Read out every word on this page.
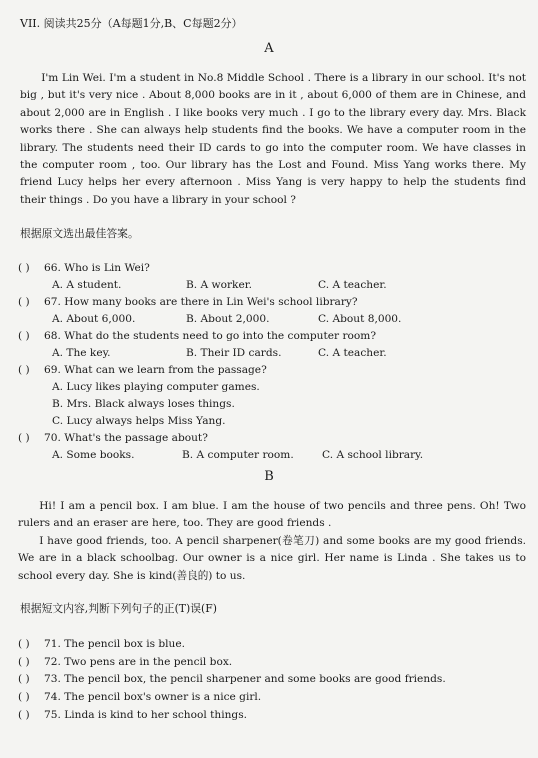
VII. 阅读共25分（A每题1分,B、C每题2分）
A

I'm Lin Wei. I'm a student in No.8 Middle School . There is a library in our school. It's not big , but it's very nice . About 8,000 books are in it , about 6,000 of them are in Chinese, and about 2,000 are in English . I like books very much . I go to the library every day. Mrs. Black works there . She can always help students find the books. We have a computer room in the library. The students need their ID cards to go into the computer room. We have classes in the computer room , too. Our library has the Lost and Found. Miss Yang works there. My friend Lucy helps her every afternoon . Miss Yang is very happy to help the students find their things . Do you have a library in your school ?

根据原文选出最佳答案。
( ) 66. Who is Lin Wei?
A. A student.	B. A worker.	C. A teacher.
( ) 67. How many books are there in Lin Wei's school library?
A. About 6,000.	B. About 2,000.	C. About 8,000.
( ) 68. What do the students need to go into the computer room?
A. The key.	B. Their ID cards.	C. A teacher.
( ) 69. What can we learn from the passage?
A. Lucy likes playing computer games.
B. Mrs. Black always loses things.
C. Lucy always helps Miss Yang.
( ) 70. What's the passage about?
A. Some books.	B. A computer room.	C. A school library.
B

Hi! I am a pencil box. I am blue. I am the house of two pencils and three pens. Oh! Two rulers and an eraser are here, too. They are good friends .

I have good friends, too. A pencil sharpener(卷笔刀) and some books are my good friends. We are in a black schoolbag. Our owner is a nice girl. Her name is Linda . She takes us to school every day. She is kind(善良的) to us.

根据短文内容,判断下列句子的正(T)误(F)
( ) 71. The pencil box is blue.
( ) 72. Two pens are in the pencil box.
( ) 73. The pencil box, the pencil sharpener and some books are good friends.
( ) 74. The pencil box's owner is a nice girl.
( ) 75. Linda is kind to her school things.
